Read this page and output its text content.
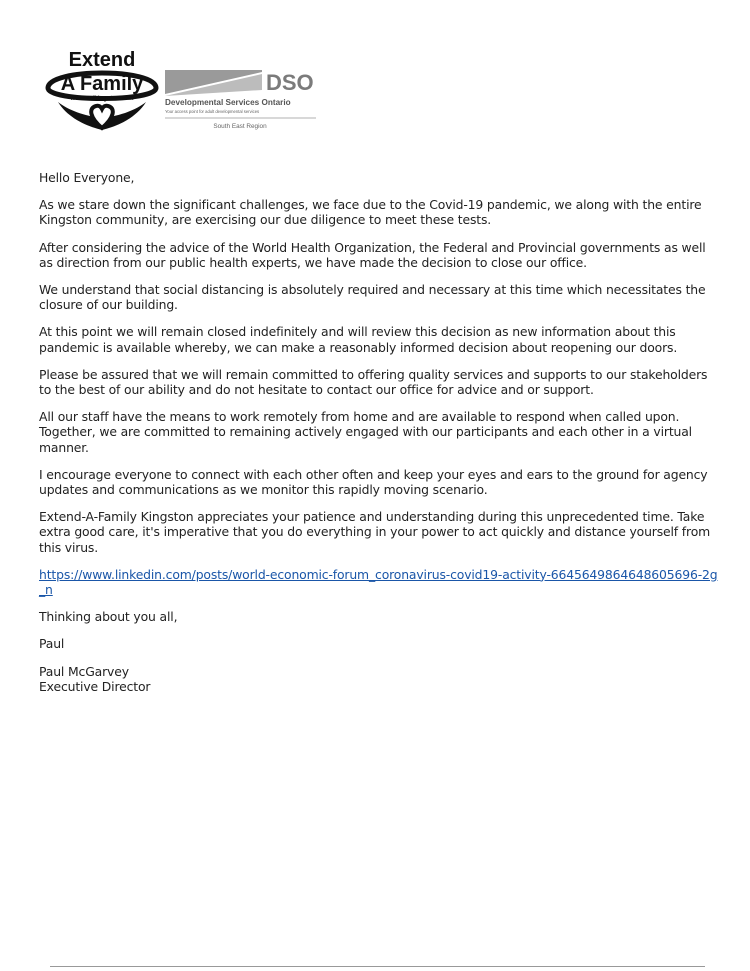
Extend
A Family
www.eafkingston.com
DSO
Developmental Services Ontario
Your access point for adult developmental services
South East Region

Hello Everyone,

As we stare down the significant challenges, we face due to the Covid-19 pandemic, we along with the entire Kingston community, are exercising our due diligence to meet these tests.

After considering the advice of the World Health Organization, the Federal and Provincial governments as well as direction from our public health experts, we have made the decision to close our office.

We understand that social distancing is absolutely required and necessary at this time which necessitates the closure of our building.

At this point we will remain closed indefinitely and will review this decision as new information about this pandemic is available whereby, we can make a reasonably informed decision about reopening our doors.

Please be assured that we will remain committed to offering quality services and supports to our stakeholders to the best of our ability and do not hesitate to contact our office for advice and or support.

All our staff have the means to work remotely from home and are available to respond when called upon. Together, we are committed to remaining actively engaged with our participants and each other in a virtual manner.

I encourage everyone to connect with each other often and keep your eyes and ears to the ground for agency updates and communications as we monitor this rapidly moving scenario.

Extend-A-Family Kingston appreciates your patience and understanding during this unprecedented time. Take extra good care, it's imperative that you do everything in your power to act quickly and distance yourself from this virus.

https://www.linkedin.com/posts/world-economic-forum_coronavirus-covid19-activity-6645649864648605696-2g_n

Thinking about you all,

Paul

Paul McGarvey

Executive Director
